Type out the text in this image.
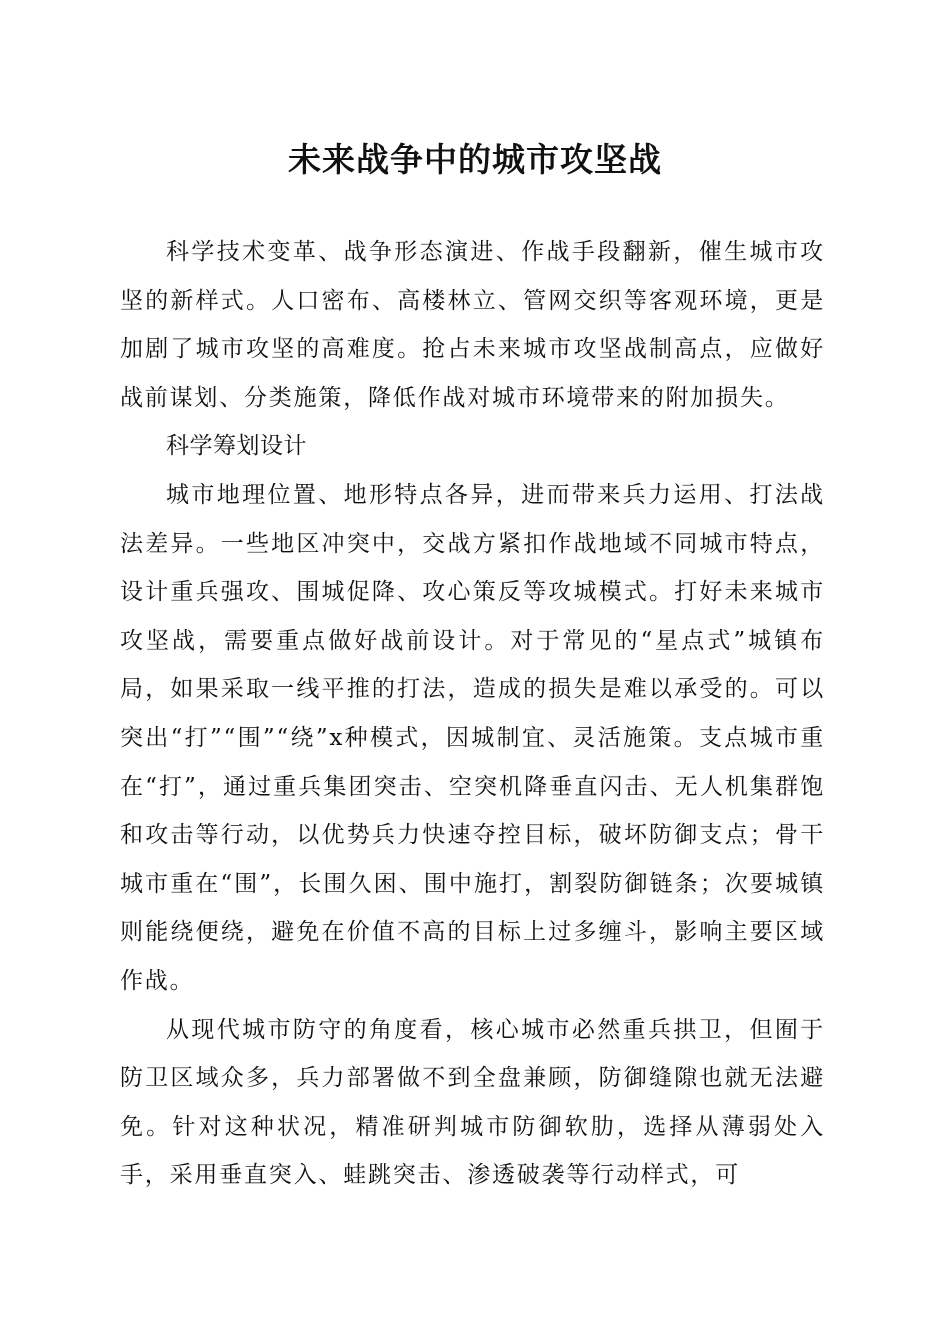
未来战争中的城市攻坚战

科学技术变革、战争形态演进、作战手段翻新，催生城市攻坚的新样式。人口密布、高楼林立、管网交织等客观环境，更是加剧了城市攻坚的高难度。抢占未来城市攻坚战制高点，应做好战前谋划、分类施策，降低作战对城市环境带来的附加损失。

科学筹划设计

城市地理位置、地形特点各异，进而带来兵力运用、打法战法差异。一些地区冲突中，交战方紧扣作战地域不同城市特点，设计重兵强攻、围城促降、攻心策反等攻城模式。打好未来城市攻坚战，需要重点做好战前设计。对于常见的“星点式”城镇布局，如果采取一线平推的打法，造成的损失是难以承受的。可以突出“打”“围”“绕”x种模式，因城制宜、灵活施策。支点城市重在“打”，通过重兵集团突击、空突机降垂直闪击、无人机集群饱和攻击等行动，以优势兵力快速夺控目标，破坏防御支点；骨干城市重在“围”，长围久困、围中施打，割裂防御链条；次要城镇则能绕便绕，避免在价值不高的目标上过多缠斗，影响主要区域作战。

从现代城市防守的角度看，核心城市必然重兵拱卫，但囿于防卫区域众多，兵力部署做不到全盘兼顾，防御缝隙也就无法避免。针对这种状况，精准研判城市防御软肋，选择从薄弱处入手，采用垂直突入、蛙跳突击、渗透破袭等行动样式，可
